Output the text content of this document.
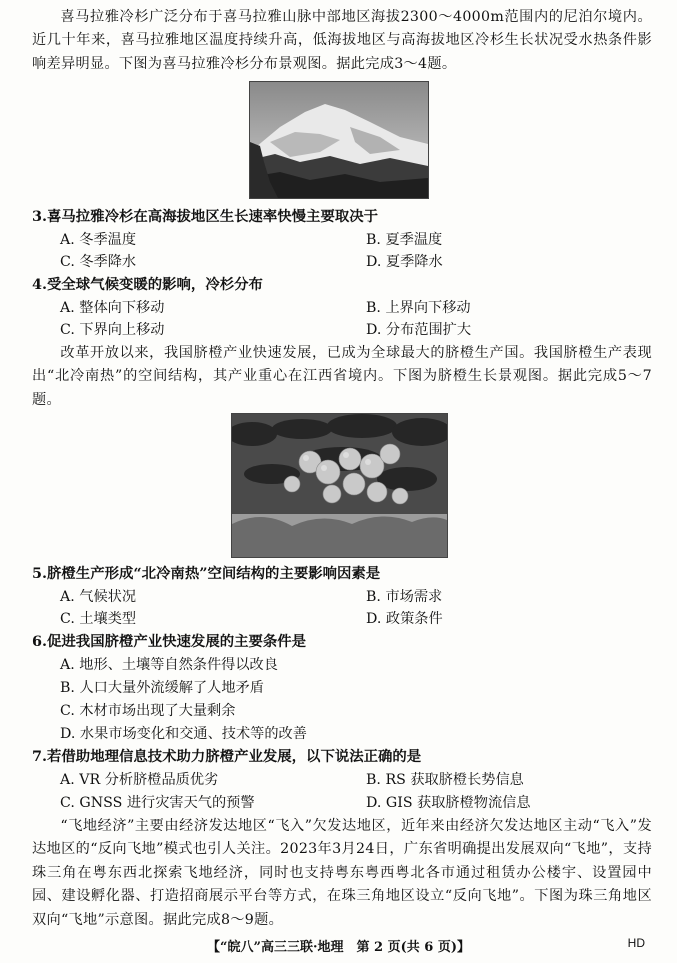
喜马拉雅冷杉广泛分布于喜马拉雅山脉中部地区海拔2300～4000m范围内的尼泊尔境内。近几十年来，喜马拉雅地区温度持续升高，低海拔地区与高海拔地区冷杉生长状况受水热条件影响差异明显。下图为喜马拉雅冷杉分布景观图。据此完成3～4题。
3.喜马拉雅冷杉在高海拔地区生长速率快慢主要取决于
A. 冬季温度	B. 夏季温度
C. 冬季降水	D. 夏季降水
4.受全球气候变暖的影响，冷杉分布
A. 整体向下移动	B. 上界向下移动
C. 下界向上移动	D. 分布范围扩大
改革开放以来，我国脐橙产业快速发展，已成为全球最大的脐橙生产国。我国脐橙生产表现出“北冷南热”的空间结构，其产业重心在江西省境内。下图为脐橙生长景观图。据此完成5～7题。
5.脐橙生产形成“北冷南热”空间结构的主要影响因素是
A. 气候状况	B. 市场需求
C. 土壤类型	D. 政策条件
6.促进我国脐橙产业快速发展的主要条件是
A. 地形、土壤等自然条件得以改良
B. 人口大量外流缓解了人地矛盾
C. 木材市场出现了大量剩余
D. 水果市场变化和交通、技术等的改善
7.若借助地理信息技术助力脐橙产业发展，以下说法正确的是
A. VR 分析脐橙品质优劣	B. RS 获取脐橙长势信息
C. GNSS 进行灾害天气的预警	D. GIS 获取脐橙物流信息
“飞地经济”主要由经济发达地区“飞入”欠发达地区，近年来由经济欠发达地区主动“飞入”发达地区的“反向飞地”模式也引人关注。2023年3月24日，广东省明确提出发展双向“飞地”，支持珠三角在粤东西北探索飞地经济，同时也支持粤东粤西粤北各市通过租赁办公楼宇、设置园中园、建设孵化器、打造招商展示平台等方式，在珠三角地区设立“反向飞地”。下图为珠三角地区双向“飞地”示意图。据此完成8～9题。
【“皖八”高三三联·地理　第 2 页(共 6 页)】	HD
